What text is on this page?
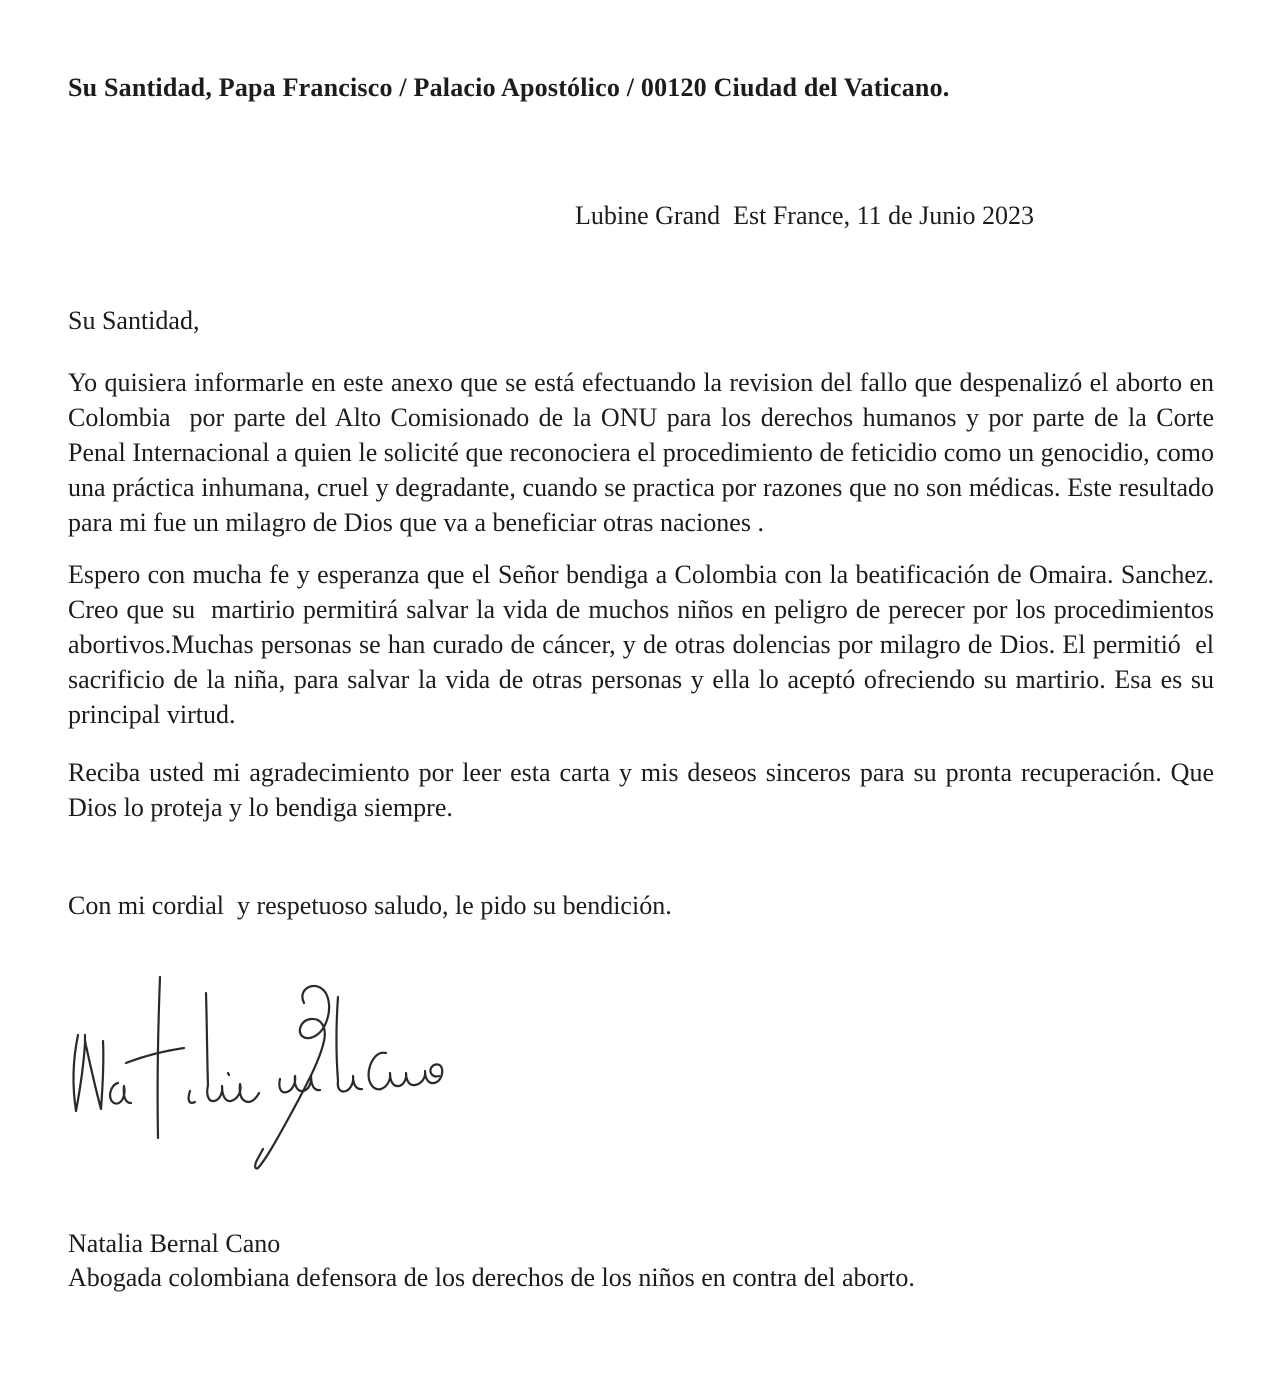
Su Santidad, Papa Francisco / Palacio Apostólico / 00120 Ciudad del Vaticano.
Lubine Grand  Est France, 11 de Junio 2023
Su Santidad,

Yo quisiera informarle en este anexo que se está efectuando la revision del fallo que despenalizó el aborto en Colombia  por parte del Alto Comisionado de la ONU para los derechos humanos y por parte de la Corte Penal Internacional a quien le solicité que reconociera el procedimiento de feticidio como un genocidio, como una práctica inhumana, cruel y degradante, cuando se practica por razones que no son médicas. Este resultado para mi fue un milagro de Dios que va a beneficiar otras naciones .

Espero con mucha fe y esperanza que el Señor bendiga a Colombia con la beatificación de Omaira. Sanchez. Creo que su  martirio permitirá salvar la vida de muchos niños en peligro de perecer por los procedimientos abortivos.Muchas personas se han curado de cáncer, y de otras dolencias por milagro de Dios. El permitió  el sacrificio de la niña, para salvar la vida de otras personas y ella lo aceptó ofreciendo su martirio. Esa es su principal virtud.

Reciba usted mi agradecimiento por leer esta carta y mis deseos sinceros para su pronta recuperación. Que Dios lo proteja y lo bendiga siempre.

Con mi cordial  y respetuoso saludo, le pido su bendición.
Natalia Bernal Cano
Abogada colombiana defensora de los derechos de los niños en contra del aborto.
